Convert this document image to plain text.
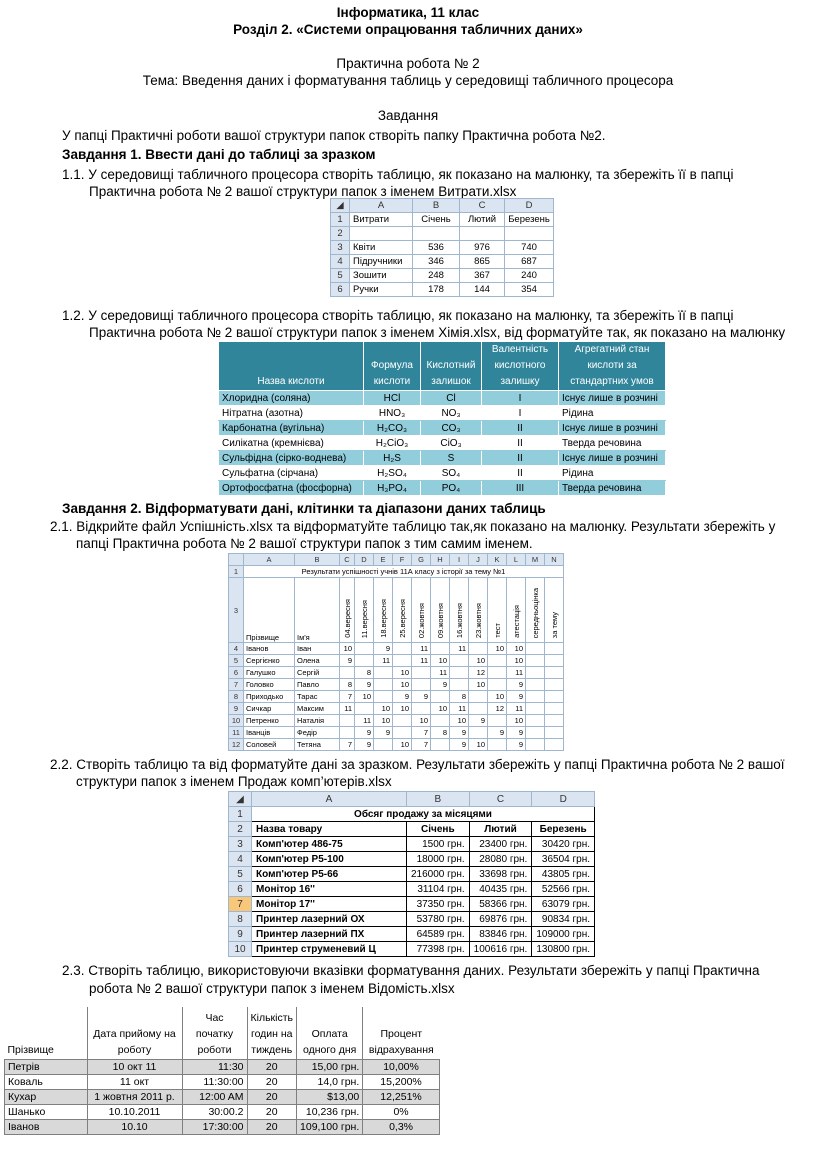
Інформатика, 11 клас
Розділ 2. «Системи опрацювання табличних даних»
Практична робота № 2
Тема: Введення даних і форматування таблиць у середовищі табличного процесора
Завдання

У папці Практичні роботи вашої структури папок створіть папку Практична робота №2.

Завдання 1. Ввести дані до таблиці за зразком

1.1. У середовищі табличного процесора створіть таблицю, як показано на малюнку, та збережіть її в папці

Практична робота № 2 вашої структури папок з іменем Витрати.xlsx

◢	A	B	C	D
1	Витрати	Січень	Лютий	Березень
2				
3	Квіти	536	976	740
4	Підручники	346	865	687
5	Зошити	248	367	240
6	Ручки	178	144	354

1.2. У середовищі табличного процесора створіть таблицю, як показано на малюнку, та збережіть її в папці

Практична робота № 2 вашої структури папок з іменем Хімія.xlsx, від форматуйте так, як показано на малюнку

Назва кислоти	Формула кислоти	Кислотний залишок	Валентність кислотного залишку	Агрегатний стан кислоти за стандартних умов
Хлоридна (соляна)	HCl	Cl	I	Існує лише в розчині
Нітратна (азотна)	HNO₃	NO₃	I	Рідина
Карбонатна (вугільна)	H₂CO₃	CO₃	II	Існує лише в розчині
Силікатна (кремнієва)	H₂CiO₃	CiO₃	II	Тверда речовина
Сульфідна (сірко-воднева)	H₂S	S	II	Існує лише в розчині
Сульфатна (сірчана)	H₂SO₄	SO₄	II	Рідина
Ортофосфатна (фосфорна)	H₃PO₄	PO₄	III	Тверда речовина

Завдання 2. Відформатувати дані, клітинки та діапазони даних таблиць

2.1. Відкрийте файл Успішність.xlsx та відформатуйте таблицю так,як показано на малюнку. Результати збережіть у

папці Практична робота № 2 вашої структури папок з тим самим іменем.

	A	B	C	D	E	F	G	H	I	J	K	L	M	N
1	Результати успішності учнів 11А класу з історії за тему №1													
3	Прізвище	Ім'я	04.вересня	11.вересня	18.вересня	25.вересня	02.жовтня	09.жовтня	16.жовтня	23.жовтня	тест	атестація	середньоцінка	за тему
4	Іванов	Іван	10		9		11		11		10	10		
5	Сергієнко	Олена	9		11		11	10		10		10		
6	Галушко	Сергій		8		10		11		12		11		
7	Головко	Павло	8	9		10		9		10		9		
8	Приходько	Тарас	7	10		9	9		8		10	9		
9	Сичкар	Максим	11		10	10		10	11		12	11		
10	Петренко	Наталія		11	10		10		10	9		10		
11	Іванців	Федір		9	9		7	8	9		9	9		
12	Соловей	Тетяна	7	9		10	7		9	10		9		

2.2. Створіть таблицю та від форматуйте дані за зразком. Результати збережіть у папці Практична робота № 2 вашої

структури папок з іменем Продаж комп’ютерів.xlsx

◢	A	B	C	D
1	Обсяг продажу за місяцями			
2	Назва товару	Січень	Лютий	Березень
3	Комп'ютер 486-75	1500 грн.	23400 грн.	30420 грн.
4	Комп'ютер P5-100	18000 грн.	28080 грн.	36504 грн.
5	Комп'ютер P5-66	216000 грн.	33698 грн.	43805 грн.
6	Монітор 16''	31104 грн.	40435 грн.	52566 грн.
7	Монітор 17''	37350 грн.	58366 грн.	63079 грн.
8	Принтер лазерний ОХ	53780 грн.	69876 грн.	90834 грн.
9	Принтер лазерний ПХ	64589 грн.	83846 грн.	109000 грн.
10	Принтер струменевий Ц	77398 грн.	100616 грн.	130800 грн.

2.3. Створіть таблицю, використовуючи вказівки форматування даних. Результати збережіть у папці Практична

робота № 2 вашої структури папок з іменем Відомість.xlsx

Прізвище	Дата прийому на роботу	Час початку роботи	Кількість годин на тиждень	Оплата одного дня	Процент відрахування
Петрів	10 окт 11	11:30	20	15,00 грн.	10,00%
Коваль	11 окт	11:30:00	20	14,0 грн.	15,200%
Кухар	1 жовтня 2011 р.	12:00 AM	20	$13,00	12,251%
Шанько	10.10.2011	30:00.2	20	10,236 грн.	0%
Іванов	10.10	17:30:00	20	109,100 грн.	0,3%
